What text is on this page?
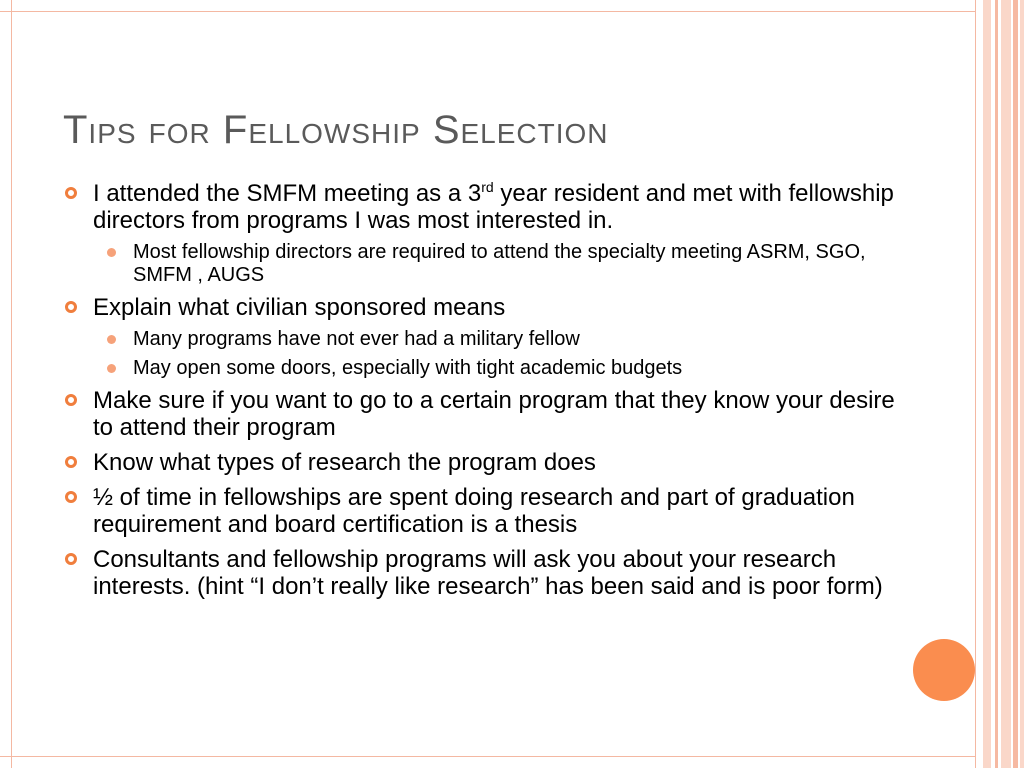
Tips for Fellowship Selection
I attended the SMFM meeting as a 3rd year resident and met with fellowship directors from programs I was most interested in.
Most fellowship directors are required to attend the specialty meeting ASRM, SGO, SMFM , AUGS
Explain what civilian sponsored means
Many programs have not ever had a military fellow
May open some doors, especially with tight academic budgets
Make sure if you want to go to a certain program that they know your desire to attend their program
Know what types of research the program does
½ of time in fellowships are spent doing research and part of graduation requirement and board certification is a thesis
Consultants and fellowship programs will ask you about your research interests. (hint “I don’t really like research” has been said and is poor form)
